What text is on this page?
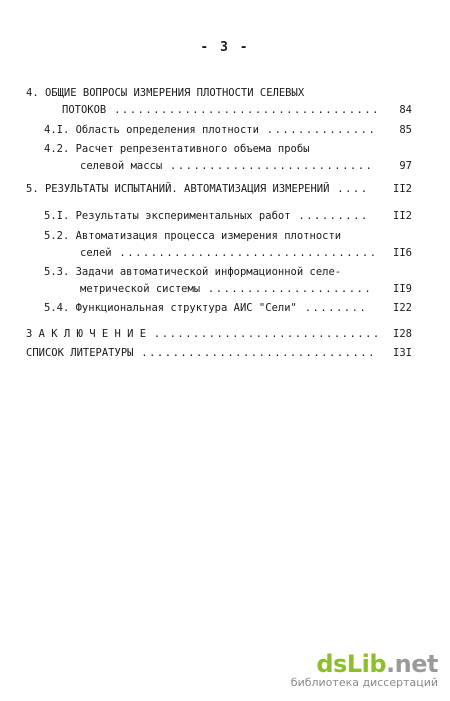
- 3 -
4. ОБЩИЕ ВОПРОСЫ ИЗМЕРЕНИЯ ПЛОТНОСТИ СЕЛЕВЫХ
ПОТОКОВ .................................. 84
4.I. Область определения плотности .............. 85
4.2. Расчет репрезентативного объема пробы
селевой массы .......................... 97
5. РЕЗУЛЬТАТЫ ИСПЫТАНИЙ. АВТОМАТИЗАЦИЯ ИЗМЕРЕНИЙ .... II2
5.I. Результаты экспериментальных работ ......... II2
5.2. Автоматизация процесса измерения плотности
селей ................................. II6
5.3. Задачи автоматической информационной селе-
метрической системы ..................... II9
5.4. Функциональная структура АИС "Сели" ........ I22
З А К Л Ю Ч Е Н И Е ............................. I28
СПИСОК ЛИТЕРАТУРЫ .............................. I3I
dsLib.net
библиотека диссертаций
